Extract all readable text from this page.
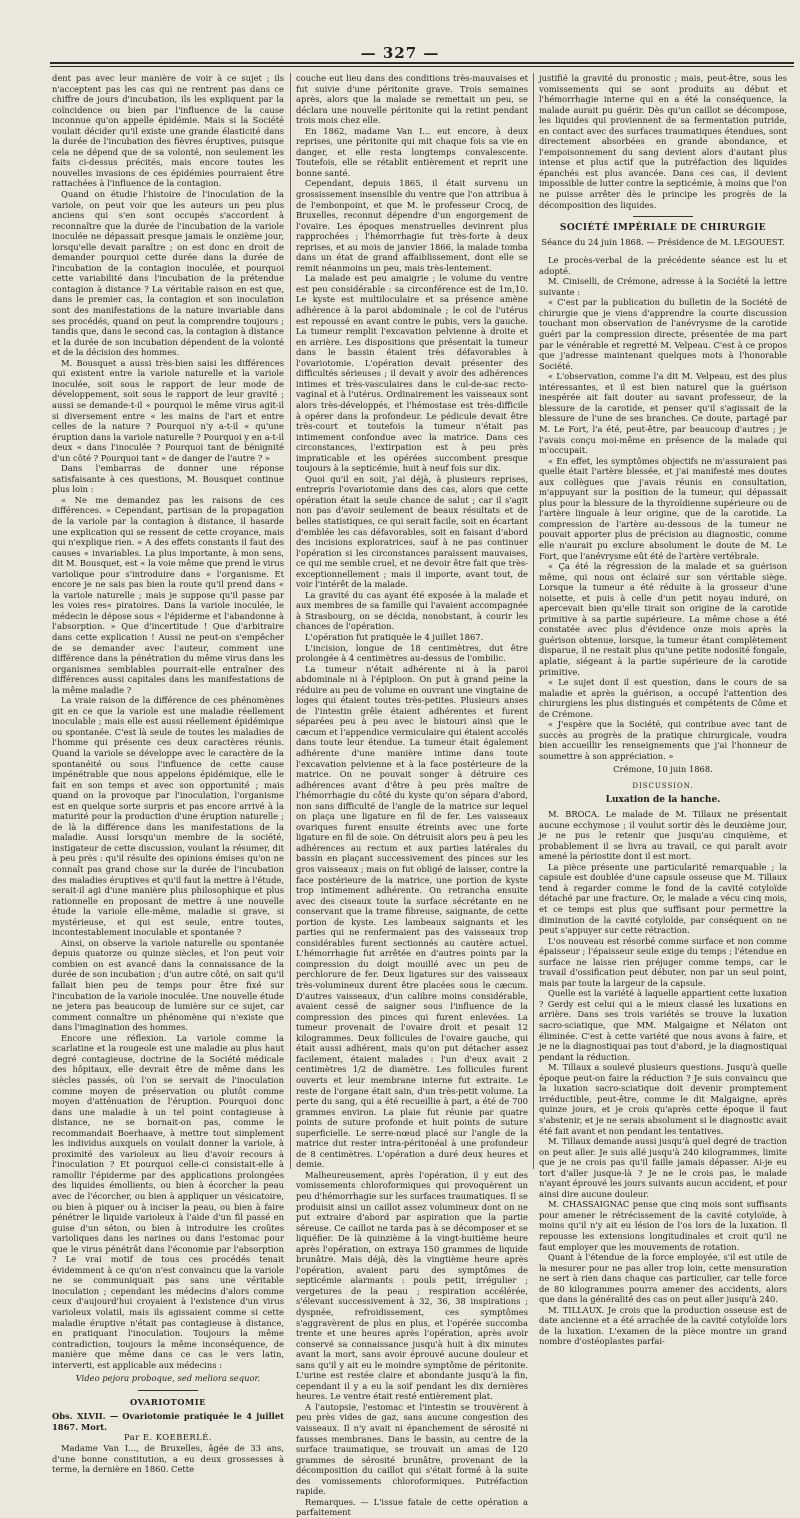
— 327 —

dent pas avec leur manière de voir à ce sujet ; ils n'acceptent pas les cas qui ne rentrent pas dans ce chiffre de jours d'incubation, ils les expliquent par la coïncidence ou bien par l'influence de la cause inconnue qu'on appelle épidémie. Mais si la Société voulait décider qu'il existe une grande élasticité dans la durée de l'incubation des fièvres éruptives, puisque cela ne dépend que de sa volonté, non seulement les faits ci-dessus précités, mais encore toutes les nouvelles invasions de ces épidémies pourraient être rattachées à l'influence de la contagion.

Quand on étudie l'histoire de l'inoculation de la variole, on peut voir que les auteurs un peu plus anciens qui s'en sont occupés s'accordent à reconnaître que la durée de l'incubation de la variole inoculée ne dépassait presque jamais le onzième jour, lorsqu'elle devait paraître ; on est donc en droit de demander pourquoi cette durée dans la durée de l'incubation de la contagion inoculée, et pourquoi cette variabilité dans l'incubation de la prétendue contagion à distance ? La véritable raison en est que, dans le premier cas, la contagion et son inoculation sont des manifestations de la nature invariable dans ses procédés, quand on peut la comprendre toujours ; tandis que, dans le second cas, la contagion à distance et la durée de son incubation dépendent de la volonté et de la décision des hommes.

M. Bousquet a aussi très-bien saisi les différences qui existent entre la variole naturelle et la variole inoculée, soit sous le rapport de leur mode de développement, soit sous le rapport de leur gravité ; aussi se demande-t-il « pourquoi le même virus agit-il si diversement entre « les mains de l'art et entre celles de la nature ? Pourquoi n'y a-t-il « qu'une éruption dans la variole naturelle ? Pourquoi y en a-t-il deux « dans l'inoculée ? Pourquoi tant de bénignité d'un côté ? Pourquoi tant « de danger de l'autre ? »

Dans l'embarras de donner une réponse satisfaisante à ces questions, M. Bousquet continue plus loin :

« Ne me demandez pas les raisons de ces différences. » Cependant, partisan de la propagation de la variole par la contagion à distance, il hasarde une explication qui se ressent de cette croyance, mais qui n'explique rien. « A des effets constants il faut des causes « invariables. La plus importante, à mon sens, dit M. Bousquet, est « la voie même que prend le virus variolique pour s'introduire dans « l'organisme. Et encore je ne sais pas bien la route qu'il prend dans « la variole naturelle ; mais je suppose qu'il passe par les voies res« piratoires. Dans la variole inoculée, le médecin le dépose sous « l'épiderme et l'abandonne à l'absorption. » Que d'incertitude ! Que d'arbitraire dans cette explication ! Aussi ne peut-on s'empêcher de se demander avec l'auteur, comment une différence dans la pénétration du même virus dans les organismes semblables pourrait-elle entraîner des différences aussi capitales dans les manifestations de la même maladie ?

La vraie raison de la différence de ces phénomènes git en ce que la variole est une maladie réellement inoculable ; mais elle est aussi réellement épidémique ou spontanée. C'est là seule de toutes les maladies de l'homme qui présente ces deux caractères réunis. Quand la variole se développe avec le caractère de la spontanéité ou sous l'influence de cette cause impénétrable que nous appelons épidémique, elle le fait en son temps et avec son opportunité ; mais quand on la provoque par l'inoculation, l'organisme est en quelque sorte surpris et pas encore arrivé à la maturité pour la production d'une éruption naturelle ; de là la différence dans les manifestations de la maladie. Aussi lorsqu'un membre de la société, instigateur de cette discussion, voulant la résumer, dit à peu près : qu'il résulte des opinions émises qu'on ne connaît pas grand chose sur la durée de l'incubation des maladies éruptives et qu'il faut la mettre à l'étude, serait-il agi d'une manière plus philosophique et plus rationnelle en proposant de mettre à une nouvelle étude la variole elle-même, maladie si grave, si mystérieuse, et qui est seule, entre toutes, incontestablement inoculable et spontanée ?

Ainsi, on observe la variole naturelle ou spontanée depuis quatorze ou quinze siècles, et l'on peut voir combien on est avancé dans la connaissance de la durée de son incubation ; d'un autre côté, on sait qu'il fallait bien peu de temps pour être fixé sur l'incubation de la variole inoculée. Une nouvelle étude ne jetera pas beaucoup de lumière sur ce sujet, car comment connaître un phénomène qui n'existe que dans l'imagination des hommes.

Encore une réflexion. La variole comme la scarlatine et la rougeole est une maladie au plus haut degré contagieuse, doctrine de la Société médicale des hôpitaux, elle devrait être de même dans les siècles passés, où l'on se servait de l'inoculation comme moyen de préservation ou plutôt comme moyen d'atténuation de l'éruption. Pourquoi donc dans une maladie à un tel point contagieuse à distance, ne se bornait-on pas, comme le recommandait Boerhaave, à mettre tout simplement les individus auxquels on voulait donner la variole, à proximité des varioleux au lieu d'avoir recours à l'inoculation ? Et pourquoi celle-ci consistait-elle à ramollir l'épiderme par des applications prolongées des liquides émollients, ou bien à écorcher la peau avec de l'écorcher, ou bien à appliquer un vésicatoire, ou bien à piquer ou à inciser la peau, ou bien à faire pénétrer le liquide varioleux à l'aide d'un fil passé en guise d'un séton, ou bien à introduire les croûtes varioliques dans les narines ou dans l'estomac pour que le virus pénétrât dans l'économie par l'absorption ? Le vrai motif de tous ces procédés tenait évidemment à ce qu'on n'est convaincu que la variole ne se communiquait pas sans une véritable inoculation ; cependant les médecins d'alors comme ceux d'aujourd'hui croyaient à l'existence d'un virus varioleux volatil, mais ils agissaient comme si cette maladie éruptive n'était pas contagieuse à distance, en pratiquant l'inoculation. Toujours la même contradiction, toujours la même inconséquence, de manière que même dans ce cas le vers latin, interverti, est applicable aux médecins :

Video pejora proboque, sed meliora sequor.

OVARIOTOMIE

Obs. XLVII. — Ovariotomie pratiquée le 4 juillet 1867. Mort.

Par E. KOEBERLÉ.

Madame Van I..., de Bruxelles, âgée de 33 ans, d'une bonne constitution, a eu deux grossesses à terme, la dernière en 1860. Cette

couche eut lieu dans des conditions très-mauvaises et fut suivie d'une péritonite grave. Trois semaines après, alors que la malade se remettait un peu, se déclara une nouvelle péritonite qui la retint pendant trois mois chez elle.

En 1862, madame Van I... eut encore, à deux reprises, une péritonite qui mit chaque fois sa vie en danger, et elle resta longtemps convalescente. Toutefois, elle se rétablit entièrement et reprit une bonne santé.

Cependant, depuis 1865, il était survenu un grossissement insensible du ventre que l'on attribua à de l'embonpoint, et que M. le professeur Crocq, de Bruxelles, reconnut dépendre d'un engorgement de l'ovaire. Les époques menstruelles devinrent plus rapprochées ; l'hémorrhagie fut très-forte à deux reprises, et au mois de janvier 1866, la malade tomba dans un état de grand affaiblissement, dont elle se remit néanmoins un peu, mais très-lentement.

La malade est peu amaigrie ; le volume du ventre est peu considérable : sa circonférence est de 1m,10. Le kyste est multiloculaire et sa présence amène adhérence à la paroi abdominale ; le col de l'utérus est repoussé en avant contre le pubis, vers la gauche. La tumeur remplit l'excavation pelvienne à droite et en arrière. Les dispositions que présentait la tumeur dans le bassin étaient très défavorables à l'ovariotomie. L'opération devait présenter des difficultés sérieuses ; il devait y avoir des adhérences intimes et très-vasculaires dans le cul-de-sac recto-vaginal et à l'utérus. Ordinairement les vaisseaux sont alors très-développés, et l'hémostase est très-difficile à opérer dans la profondeur. Le pédicule devait être très-court et toutefois la tumeur n'était pas intimement confondue avec la matrice. Dans ces circonstances, l'extirpation est à peu près impraticable et les opérées succombent presque toujours à la septicémie, huit à neuf fois sur dix.

Quoi qu'il en soit, j'ai déjà, à plusieurs reprises, entrepris l'ovariotomie dans des cas, alors que cette opération était la seule chance de salut ; car il s'agit non pas d'avoir seulement de beaux résultats et de belles statistiques, ce qui serait facile, soit en écartant d'emblée les cas défavorables, soit en faisant d'abord des incisions exploratrices, sauf à ne pas continuer l'opération si les circonstances paraissent mauvaises, ce qui me semble cruel, et ne devoir être fait que très-exceptionnellement ; mais il importe, avant tout, de voir l'intérêt de la malade.

La gravité du cas ayant été exposée à la malade et aux membres de sa famille qui l'avaient accompagnée à Strasbourg, on se décida, nonobstant, à courir les chances de l'opération.

L'opération fut pratiquée le 4 juillet 1867.

L'incision, longue de 18 centimètres, dut être prolongée à 4 centimètres au-dessus de l'ombilic.

La tumeur n'était adhérente ni à la paroi abdominale ni à l'épiploon. On put à grand peine la réduire au peu de volume en ouvrant une vingtaine de loges qui étaient toutes très-petites. Plusieurs anses de l'intestin grêle étaient adhérentes et furent séparées peu à peu avec le bistouri ainsi que le cæcum et l'appendice vermiculaire qui étaient accolés dans toute leur étendue. La tumeur était également adhérente d'une manière intime dans toute l'excavation pelvienne et à la face postérieure de la matrice. On ne pouvait songer à détruire ces adhérences avant d'être à peu près maître de l'hémorrhagie du côté du kyste qu'on sépara d'abord, non sans difficulté de l'angle de la matrice sur lequel on plaça une ligature en fil de fer. Les vaisseaux ovariques furent ensuite étreints avec une forte ligature en fil de soie. On détruisit alors peu à peu les adhérences au rectum et aux parties latérales du bassin en plaçant successivement des pinces sur les gros vaisseaux ; mais on fut obligé de laisser, contre la face postérieure de la matrice, une portion de kyste trop intimement adhérente. On retrancha ensuite avec des ciseaux toute la surface sécrétante en ne conservant que la trame fibreuse, saignante, de cette portion de kyste. Les lambeaux saignants et les parties qui ne renfermaient pas des vaisseaux trop considérables furent sectionnés au cautère actuel. L'hémorrhagie fut arrêtée en d'autres points par la compression du doigt mouillé avec un peu de perchlorure de fer. Deux ligatures sur des vaisseaux très-volumineux durent être placées sous le cæcum. D'autres vaisseaux, d'un calibre moins considérable, avaient cessé de saigner sous l'influence de la compression des pinces qui furent enlevées. La tumeur provenait de l'ovaire droit et pesait 12 kilogrammes. Deux follicules de l'ovaire gauche, qui était aussi adhérent, mais qu'on put détacher assez facilement, étaient malades : l'un d'eux avait 2 centimètres 1/2 de diamètre. Les follicules furent ouverts et leur membrane interne fut extraite. Le reste de l'organe était sain, d'un très-petit volume. La perte du sang, qui a été recueillie à part, a été de 700 grammes environ. La plaie fut réunie par quatre points de suture profonde et huit points de suture superficielle. Le serre-nœud placé sur l'angle de la matrice dut rester intra-péritonéal à une profondeur de 8 centimètres. L'opération a duré deux heures et demie.

Malheureusement, après l'opération, il y eut des vomissements chloroformiques qui provoquèrent un peu d'hémorrhagie sur les surfaces traumatiques. Il se produisit ainsi un caillot assez volumineux dont on ne put extraire d'abord par aspiration que la partie séreuse. Ce caillot ne tarda pas à se décomposer et se liquéfier. De là quinzième à la vingt-huitième heure après l'opération, on extraya 150 grammes de liquide brunâtre. Mais déjà, dès la vingtième heure après l'opération, avaient paru des symptômes de septicémie alarmants : pouls petit, irrégulier ; vergetures de la peau ; respiration accélérée, s'élevant successivement à 32, 36, 38 inspirations ; dyspnée, refroidissement, ces symptômes s'aggravèrent de plus en plus, et l'opérée succomba trente et une heures après l'opération, après avoir conservé sa connaissance jusqu'à huit à dix minutes avant la mort, sans avoir éprouvé aucune douleur et sans qu'il y ait eu le moindre symptôme de péritonite. L'urine est restée claire et abondante jusqu'à la fin, cependant il y a eu la soif pendant les dix dernières heures. Le ventre était resté entièrement plat.

A l'autopsie, l'estomac et l'intestin se trouvèrent à peu près vides de gaz, sans aucune congestion des vaisseaux. Il n'y avait ni épanchement de sérosité ni fausses membranes. Dans le bassin, au centre de la surface traumatique, se trouvait un amas de 120 grammes de sérosité brunâtre, provenant de la décomposition du caillot qui s'était formé à la suite des vomissements chloroformiques. Putréfaction rapide.

Remarques. — L'issue fatale de cette opération a parfaitement

justifié la gravité du pronostic ; mais, peut-être, sous les vomissements qui se sont produits au début et l'hémorrhagie interne qui en a été la conséquence, la malade aurait pu guérir. Dès qu'un caillot se décompose, les liquides qui proviennent de sa fermentation putride, en contact avec des surfaces traumatiques étendues, sont directement absorbées en grande abondance, et l'empoisonnement du sang devient alors d'autant plus intense et plus actif que la putréfaction des liquides épanchés est plus avancée. Dans ces cas, il devient impossible de lutter contre la septicémie, à moins que l'on ne puisse arrêter dès le principe les progrès de la décomposition des liquides.

SOCIÉTÉ IMPÉRIALE DE CHIRURGIE

Séance du 24 juin 1868. — Présidence de M. LEGOUEST.

Le procès-verbal de la précédente séance est lu et adopté.

M. Ciniselli, de Crémone, adresse à la Société la lettre suivante :

« C'est par la publication du bulletin de la Société de chirurgie que je viens d'apprendre la courte discussion touchant mon observation de l'anévrysme de la carotide guéri par la compression directe, présentée de ma part par le vénérable et regretté M. Velpeau. C'est à ce propos que j'adresse maintenant quelques mots à l'honorable Société.

« L'observation, comme l'a dit M. Velpeau, est des plus intéressantes, et il est bien naturel que la guérison inespérée ait fait douter au savant professeur, de la blessure de la carotide, et penser qu'il s'agissait de la blessure de l'une de ses branches. Ce doute, partagé par M. Le Fort, l'a été, peut-être, par beaucoup d'autres ; je l'avais conçu moi-même en présence de la malade qui m'occupait.

« En effet, les symptômes objectifs ne m'assuraient pas quelle était l'artère blessée, et j'ai manifesté mes doutes aux collègues que j'avais réunis en consultation, m'appuyant sur la position de la tumeur, qui dépassait plus pour la blessure de la thyroïdienne supérieure ou de l'artère linguale à leur origine, que de la carotide. La compression de l'artère au-dessous de la tumeur ne pouvait apporter plus de précision au diagnostic, comme elle n'aurait pu exclure absolument le doute de M. Le Fort, que l'anévrysme eût été de l'artère vertébrale.

« Ça été la régression de la malade et sa guérison même, qui nous ont éclairé sur son véritable siège. Lorsque la tumeur a été réduite à la grosseur d'une noisette, et puis à celle d'un petit noyau induré, on apercevait bien qu'elle tirait son origine de la carotide primitive à sa partie supérieure. La même chose a été constatée avec plus d'évidence onze mois après la guérison obtenue, lorsque, la tumeur étant complètement disparue, il ne restait plus qu'une petite nodosité fongale, aplatie, siégeant à la partie supérieure de la carotide primitive.

« Le sujet dont il est question, dans le cours de sa maladie et après la guérison, a occupé l'attention des chirurgiens les plus distingués et compétents de Côme et de Crémone.

« J'espère que la Société, qui contribue avec tant de succès au progrès de la pratique chirurgicale, voudra bien accueillir les renseignements que j'ai l'honneur de soumettre à son appréciation. »

Crémone, 10 juin 1868.

DISCUSSION.

Luxation de la hanche.

M. BROCA. Le malade de M. Tillaux ne présentait aucune ecchymose ; il voulut sortir dès le deuxième jour, je ne pus le retenir que jusqu'au cinquième, et probablement il se livra au travail, ce qui paraît avoir amené la périostite dont il est mort.

La pièce présente une particularité remarquable ; la capsule est doublée d'une capsule osseuse que M. Tillaux tend à regarder comme le fond de la cavité cotyloïde détaché par une fracture. Or, le malade a vécu cinq mois, et ce temps est plus que suffisant pour permettre la diminution de la cavité cotyloïde, par conséquent on ne peut s'appuyer sur cette rétraction.

L'os nouveau est résorbé comme surface et non comme épaisseur ; l'épaisseur seule exige du temps ; l'étendue en surface ne laisse rien préjuger comme temps, car le travail d'ossification peut débuter, non par un seul point, mais par toute la largeur de la capsule.

Quelle est la variété à laquelle appartient cette luxation ? Gerdy est celui qui a le mieux classé les luxations en arrière. Dans ses trois variétés se trouve la luxation sacro-sciatique, que MM. Malgaigne et Nélaton ont éliminée. C'est à cette variété que nous avons à faire, et je ne la diagnostiquai pas tout d'abord, je la diagnostiquai pendant la réduction.

M. Tillaux a soulevé plusieurs questions. Jusqu'à quelle époque peut-on faire la réduction ? Je suis convaincu que la luxation sacro-sciatique doit devenir promptement irréductible, peut-être, comme le dit Malgaigne, après quinze jours, et je crois qu'après cette époque il faut s'abstenir, et je ne serais absolument si le diagnostic avait été fait avant et non pendant les tentatives.

M. Tillaux demande aussi jusqu'à quel degré de traction on peut aller. Je suis allé jusqu'à 240 kilogrammes, limite que je ne crois pas qu'il faille jamais dépasser. Ai-je eu tort d'aller jusque-là ? Je ne le crois pas, le malade n'ayant éprouvé les jours suivants aucun accident, et pour ainsi dire aucune douleur.

M. CHASSAIGNAC pense que cinq mois sont suffisants pour amener le rétrécissement de la cavité cotyloïde, à moins qu'il n'y ait eu lésion de l'os lors de la luxation. Il repousse les extensions longitudinales et croit qu'il ne faut employer que les mouvements de rotation.

Quant à l'étendue de la force employée, s'il est utile de la mesurer pour ne pas aller trop loin, cette mensuration ne sert à rien dans chaque cas particulier, car telle force de 80 kilogrammes pourra amener des accidents, alors que dans la généralité des cas on peut aller jusqu'à 240.

M. TILLAUX. Je crois que la production osseuse est de date ancienne et a été arrachée de la cavité cotyloïde lors de la luxation. L'examen de la pièce montre un grand nombre d'ostéoplastes parfai-
